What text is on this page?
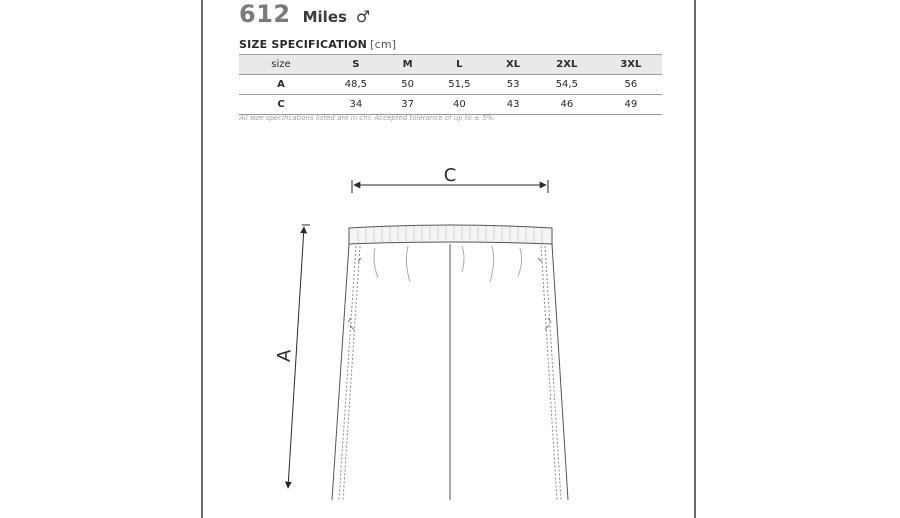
612 Miles ♂
SIZE SPECIFICATION [cm]
size	S	M	L	XL	2XL	3XL
A	48,5	50	51,5	53	54,5	56
C	34	37	40	43	46	49
All size specifications listed are in cm. Accepted tolerance of up to ± 5%.
C
A
